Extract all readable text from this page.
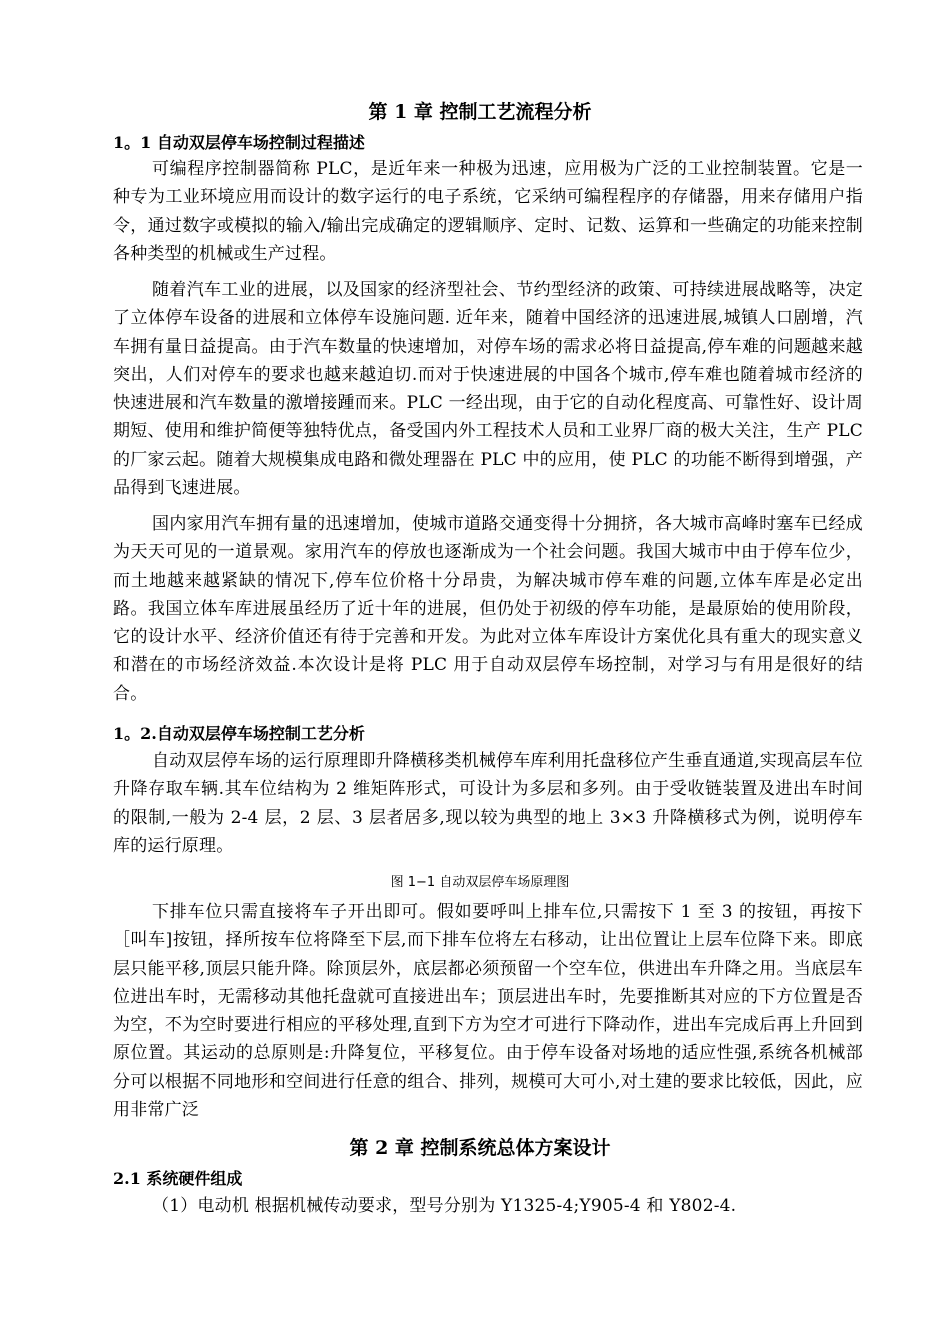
第 1 章 控制工艺流程分析
1。1 自动双层停车场控制过程描述

可编程序控制器简称 PLC，是近年来一种极为迅速，应用极为广泛的工业控制装置。它是一种专为工业环境应用而设计的数字运行的电子系统，它采纳可编程程序的存储器，用来存储用户指令，通过数字或模拟的输入/输出完成确定的逻辑顺序、定时、记数、运算和一些确定的功能来控制各种类型的机械或生产过程。

随着汽车工业的进展，以及国家的经济型社会、节约型经济的政策、可持续进展战略等，决定了立体停车设备的进展和立体停车设施问题. 近年来，随着中国经济的迅速进展,城镇人口剧增，汽车拥有量日益提高。由于汽车数量的快速增加，对停车场的需求必将日益提高,停车难的问题越来越突出，人们对停车的要求也越来越迫切.而对于快速进展的中国各个城市,停车难也随着城市经济的快速进展和汽车数量的激增接踵而来。PLC 一经出现，由于它的自动化程度高、可靠性好、设计周期短、使用和维护简便等独特优点，备受国内外工程技术人员和工业界厂商的极大关注，生产 PLC 的厂家云起。随着大规模集成电路和微处理器在 PLC 中的应用，使 PLC 的功能不断得到增强，产品得到飞速进展。

国内家用汽车拥有量的迅速增加，使城市道路交通变得十分拥挤，各大城市高峰时塞车已经成为天天可见的一道景观。家用汽车的停放也逐渐成为一个社会问题。我国大城市中由于停车位少，而土地越来越紧缺的情况下,停车位价格十分昂贵，为解决城市停车难的问题,立体车库是必定出路。我国立体车库进展虽经历了近十年的进展，但仍处于初级的停车功能，是最原始的使用阶段，它的设计水平、经济价值还有待于完善和开发。为此对立体车库设计方案优化具有重大的现实意义和潜在的市场经济效益.本次设计是将 PLC 用于自动双层停车场控制，对学习与有用是很好的结合。

1。2.自动双层停车场控制工艺分析

自动双层停车场的运行原理即升降横移类机械停车库利用托盘移位产生垂直通道,实现高层车位升降存取车辆.其车位结构为 2 维矩阵形式，可设计为多层和多列。由于受收链装置及进出车时间的限制,一般为 2-4 层，2 层、3 层者居多,现以较为典型的地上 3×3 升降横移式为例，说明停车库的运行原理。

图 1−1 自动双层停车场原理图

下排车位只需直接将车子开出即可。假如要呼叫上排车位,只需按下 1 至 3 的按钮，再按下 ［叫车]按钮，择所按车位将降至下层,而下排车位将左右移动，让出位置让上层车位降下来。即底层只能平移,顶层只能升降。除顶层外，底层都必须预留一个空车位，供进出车升降之用。当底层车位进出车时，无需移动其他托盘就可直接进出车；顶层进出车时，先要推断其对应的下方位置是否为空，不为空时要进行相应的平移处理,直到下方为空才可进行下降动作，进出车完成后再上升回到原位置。其运动的总原则是:升降复位，平移复位。由于停车设备对场地的适应性强,系统各机械部分可以根据不同地形和空间进行任意的组合、排列，规模可大可小,对土建的要求比较低，因此，应用非常广泛

第 2 章 控制系统总体方案设计
2.1 系统硬件组成

（1）电动机 根据机械传动要求，型号分别为 Y1325-4;Y905-4 和 Y802-4.
